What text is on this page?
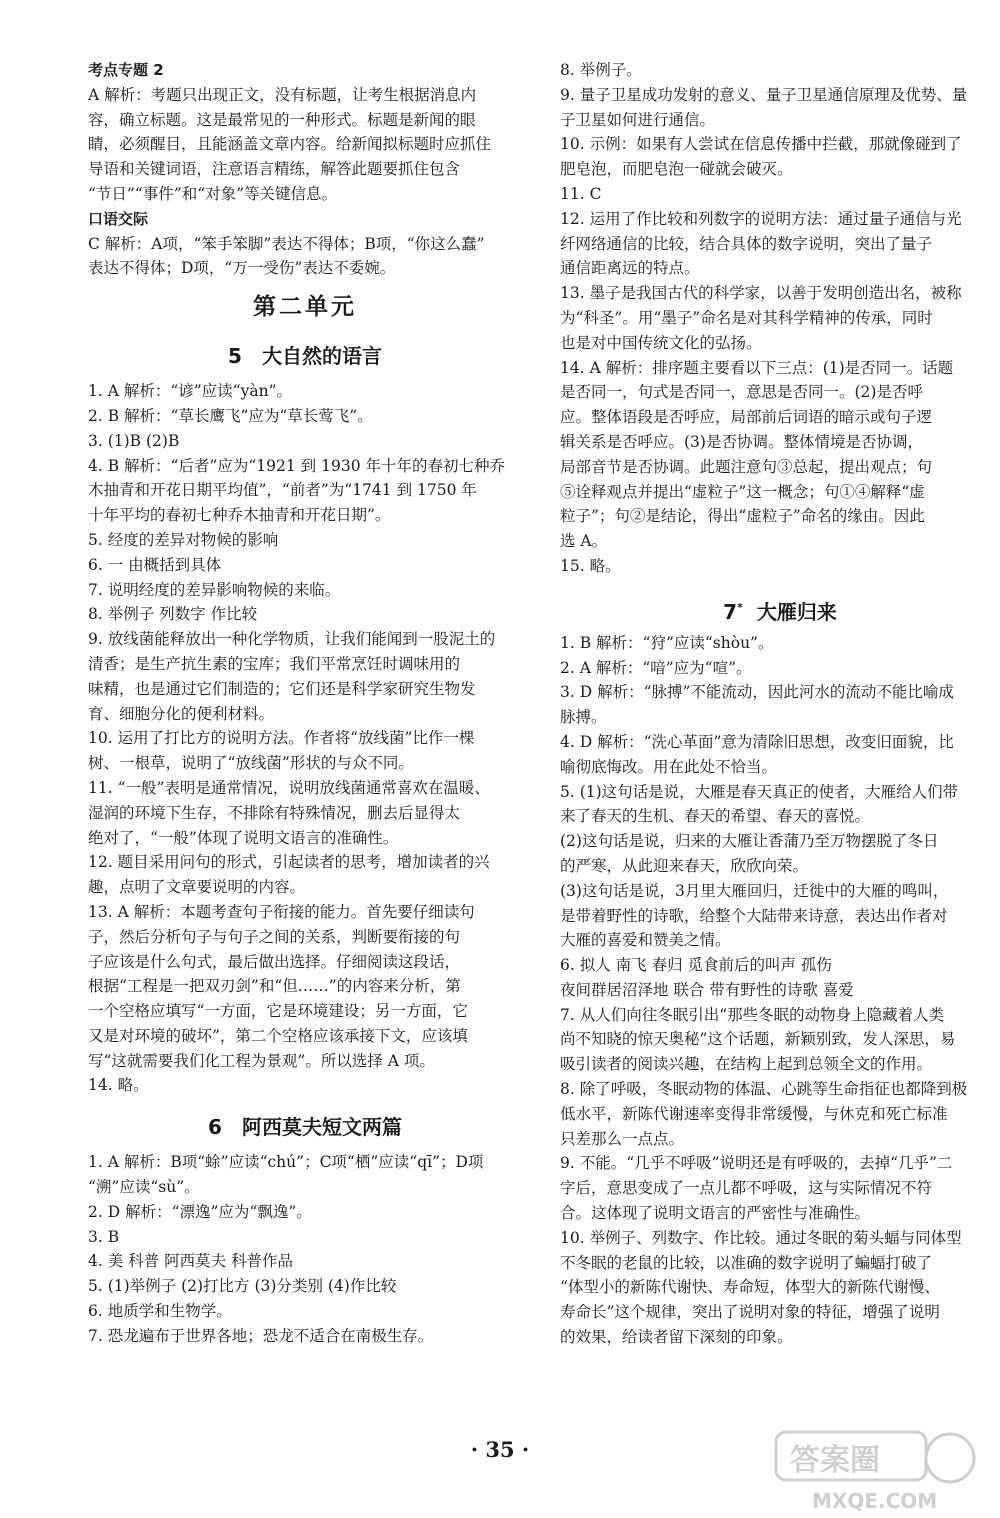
考点专题 2
A 解析：考题只出现正文，没有标题，让考生根据消息内
容，确立标题。这是最常见的一种形式。标题是新闻的眼
睛，必须醒目，且能涵盖文章内容。给新闻拟标题时应抓住
导语和关键词语，注意语言精练，解答此题要抓住包含
“节日”“事件”和“对象”等关键信息。
口语交际
C 解析：A项，“笨手笨脚”表达不得体；B项，“你这么蠢”
表达不得体；D项，“万一受伤”表达不委婉。
第二单元
5 大自然的语言
1. A 解析：“谚”应读“yàn”。
2. B 解析：“草长鹰飞”应为“草长莺飞”。
3. (1)B (2)B
4. B 解析：“后者”应为“1921 到 1930 年十年的春初七种乔
木抽青和开花日期平均值”，“前者”为“1741 到 1750 年
十年平均的春初七种乔木抽青和开花日期”。
5. 经度的差异对物候的影响
6. 一 由概括到具体
7. 说明经度的差异影响物候的来临。
8. 举例子 列数字 作比较
9. 放线菌能释放出一种化学物质，让我们能闻到一股泥土的
清香；是生产抗生素的宝库；我们平常烹饪时调味用的
味精，也是通过它们制造的；它们还是科学家研究生物发
育、细胞分化的便利材料。
10. 运用了打比方的说明方法。作者将“放线菌”比作一棵
树、一根草，说明了“放线菌”形状的与众不同。
11. “一般”表明是通常情况，说明放线菌通常喜欢在温暖、
湿润的环境下生存，不排除有特殊情况，删去后显得太
绝对了，“一般”体现了说明文语言的准确性。
12. 题目采用问句的形式，引起读者的思考，增加读者的兴
趣，点明了文章要说明的内容。
13. A 解析：本题考查句子衔接的能力。首先要仔细读句
子，然后分析句子与句子之间的关系，判断要衔接的句
子应该是什么句式，最后做出选择。仔细阅读这段话，
根据“工程是一把双刃剑”和“但……”的内容来分析，第
一个空格应填写“一方面，它是环境建设；另一方面，它
又是对环境的破坏”，第二个空格应该承接下文，应该填
写“这就需要我们化工程为景观”。所以选择 A 项。
14. 略。
6 阿西莫夫短文两篇
1. A 解析：B项“蜍”应读“chú”；C项“栖”应读“qī”；D项
“溯”应读“sù”。
2. D 解析：“漂逸”应为“飘逸”。
3. B
4. 美 科普 阿西莫夫 科普作品
5. (1)举例子 (2)打比方 (3)分类别 (4)作比较
6. 地质学和生物学。
7. 恐龙遍布于世界各地；恐龙不适合在南极生存。
8. 举例子。
9. 量子卫星成功发射的意义、量子卫星通信原理及优势、量
子卫星如何进行通信。
10. 示例：如果有人尝试在信息传播中拦截，那就像碰到了
肥皂泡，而肥皂泡一碰就会破灭。
11. C
12. 运用了作比较和列数字的说明方法：通过量子通信与光
纤网络通信的比较，结合具体的数字说明，突出了量子
通信距离远的特点。
13. 墨子是我国古代的科学家，以善于发明创造出名，被称
为“科圣”。用“墨子”命名是对其科学精神的传承，同时
也是对中国传统文化的弘扬。
14. A 解析：排序题主要看以下三点：(1)是否同一。话题
是否同一，句式是否同一，意思是否同一。(2)是否呼
应。整体语段是否呼应，局部前后词语的暗示或句子逻
辑关系是否呼应。(3)是否协调。整体情境是否协调，
局部音节是否协调。此题注意句③总起，提出观点；句
⑤诠释观点并提出“虚粒子”这一概念；句①④解释“虚
粒子”；句②是结论，得出“虚粒子”命名的缘由。因此
选 A。
15. 略。
7* 大雁归来
1. B 解析：“狩”应读“shòu”。
2. A 解析：“喑”应为“喧”。
3. D 解析：“脉搏”不能流动，因此河水的流动不能比喻成
脉搏。
4. D 解析：“洗心革面”意为清除旧思想，改变旧面貌，比
喻彻底悔改。用在此处不恰当。
5. (1)这句话是说，大雁是春天真正的使者，大雁给人们带
来了春天的生机、春天的希望、春天的喜悦。
(2)这句话是说，归来的大雁让香蒲乃至万物摆脱了冬日
的严寒，从此迎来春天，欣欣向荣。
(3)这句话是说，3月里大雁回归，迁徙中的大雁的鸣叫，
是带着野性的诗歌，给整个大陆带来诗意，表达出作者对
大雁的喜爱和赞美之情。
6. 拟人 南飞 春归 觅食前后的叫声 孤伤
夜间群居沼泽地 联合 带有野性的诗歌 喜爱
7. 从人们向往冬眠引出“那些冬眠的动物身上隐藏着人类
尚不知晓的惊天奥秘”这个话题，新颖别致，发人深思，易
吸引读者的阅读兴趣，在结构上起到总领全文的作用。
8. 除了呼吸，冬眠动物的体温、心跳等生命指征也都降到极
低水平，新陈代谢速率变得非常缓慢，与休克和死亡标准
只差那么一点点。
9. 不能。“几乎不呼吸”说明还是有呼吸的，去掉“几乎”二
字后，意思变成了一点儿都不呼吸，这与实际情况不符
合。这体现了说明文语言的严密性与准确性。
10. 举例子、列数字、作比较。通过冬眠的菊头蝠与同体型
不冬眠的老鼠的比较，以准确的数字说明了蝙蝠打破了
“体型小的新陈代谢快、寿命短，体型大的新陈代谢慢、
寿命长”这个规律，突出了说明对象的特征，增强了说明
的效果，给读者留下深刻的印象。
· 35 ·	答案圈
MXQE.COM
